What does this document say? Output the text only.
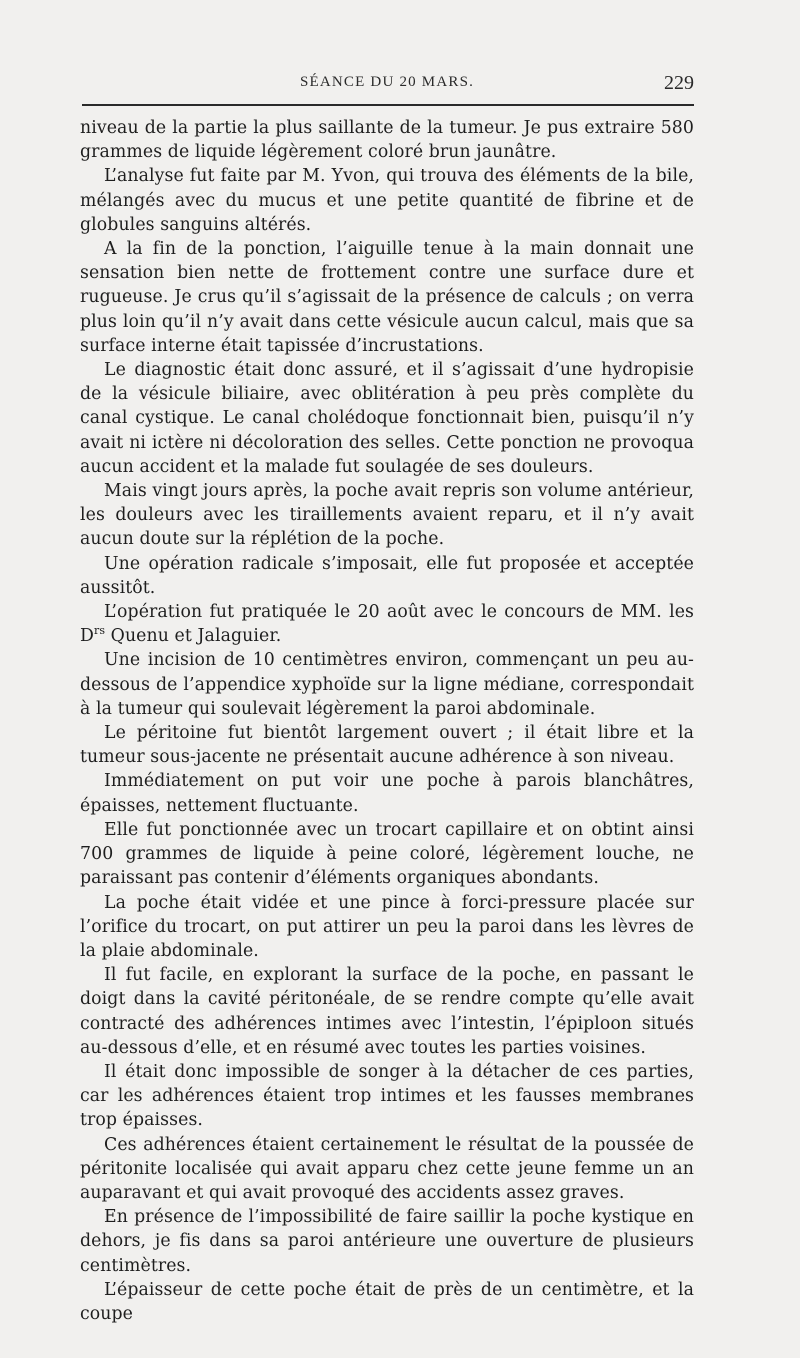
SÉANCE DU 20 MARS.	229

niveau de la partie la plus saillante de la tumeur. Je pus extraire 580 grammes de liquide légèrement coloré brun jaunâtre.

L’analyse fut faite par M. Yvon, qui trouva des éléments de la bile, mélangés avec du mucus et une petite quantité de fibrine et de globules sanguins altérés.

A la fin de la ponction, l’aiguille tenue à la main donnait une sensation bien nette de frottement contre une surface dure et rugueuse. Je crus qu’il s’agissait de la présence de calculs ; on verra plus loin qu’il n’y avait dans cette vésicule aucun calcul, mais que sa surface interne était tapissée d’incrustations.

Le diagnostic était donc assuré, et il s’agissait d’une hydropisie de la vésicule biliaire, avec oblitération à peu près complète du canal cystique. Le canal cholédoque fonctionnait bien, puisqu’il n’y avait ni ictère ni décoloration des selles. Cette ponction ne provoqua aucun accident et la malade fut soulagée de ses douleurs.

Mais vingt jours après, la poche avait repris son volume antérieur, les douleurs avec les tiraillements avaient reparu, et il n’y avait aucun doute sur la réplétion de la poche.

Une opération radicale s’imposait, elle fut proposée et acceptée aussitôt.

L’opération fut pratiquée le 20 août avec le concours de MM. les $D^{rs}$ Quenu et Jalaguier.

Une incision de 10 centimètres environ, commençant un peu au-dessous de l’appendice xyphoïde sur la ligne médiane, correspondait à la tumeur qui soulevait légèrement la paroi abdominale.

Le péritoine fut bientôt largement ouvert ; il était libre et la tumeur sous-jacente ne présentait aucune adhérence à son niveau.

Immédiatement on put voir une poche à parois blanchâtres, épaisses, nettement fluctuante.

Elle fut ponctionnée avec un trocart capillaire et on obtint ainsi 700 grammes de liquide à peine coloré, légèrement louche, ne paraissant pas contenir d’éléments organiques abondants.

La poche était vidée et une pince à forci-pressure placée sur l’orifice du trocart, on put attirer un peu la paroi dans les lèvres de la plaie abdominale.

Il fut facile, en explorant la surface de la poche, en passant le doigt dans la cavité péritonéale, de se rendre compte qu’elle avait contracté des adhérences intimes avec l’intestin, l’épiploon situés au-dessous d’elle, et en résumé avec toutes les parties voisines.

Il était donc impossible de songer à la détacher de ces parties, car les adhérences étaient trop intimes et les fausses membranes trop épaisses.

Ces adhérences étaient certainement le résultat de la poussée de péritonite localisée qui avait apparu chez cette jeune femme un an auparavant et qui avait provoqué des accidents assez graves.

En présence de l’impossibilité de faire saillir la poche kystique en dehors, je fis dans sa paroi antérieure une ouverture de plusieurs centimètres.

L’épaisseur de cette poche était de près de un centimètre, et la coupe
